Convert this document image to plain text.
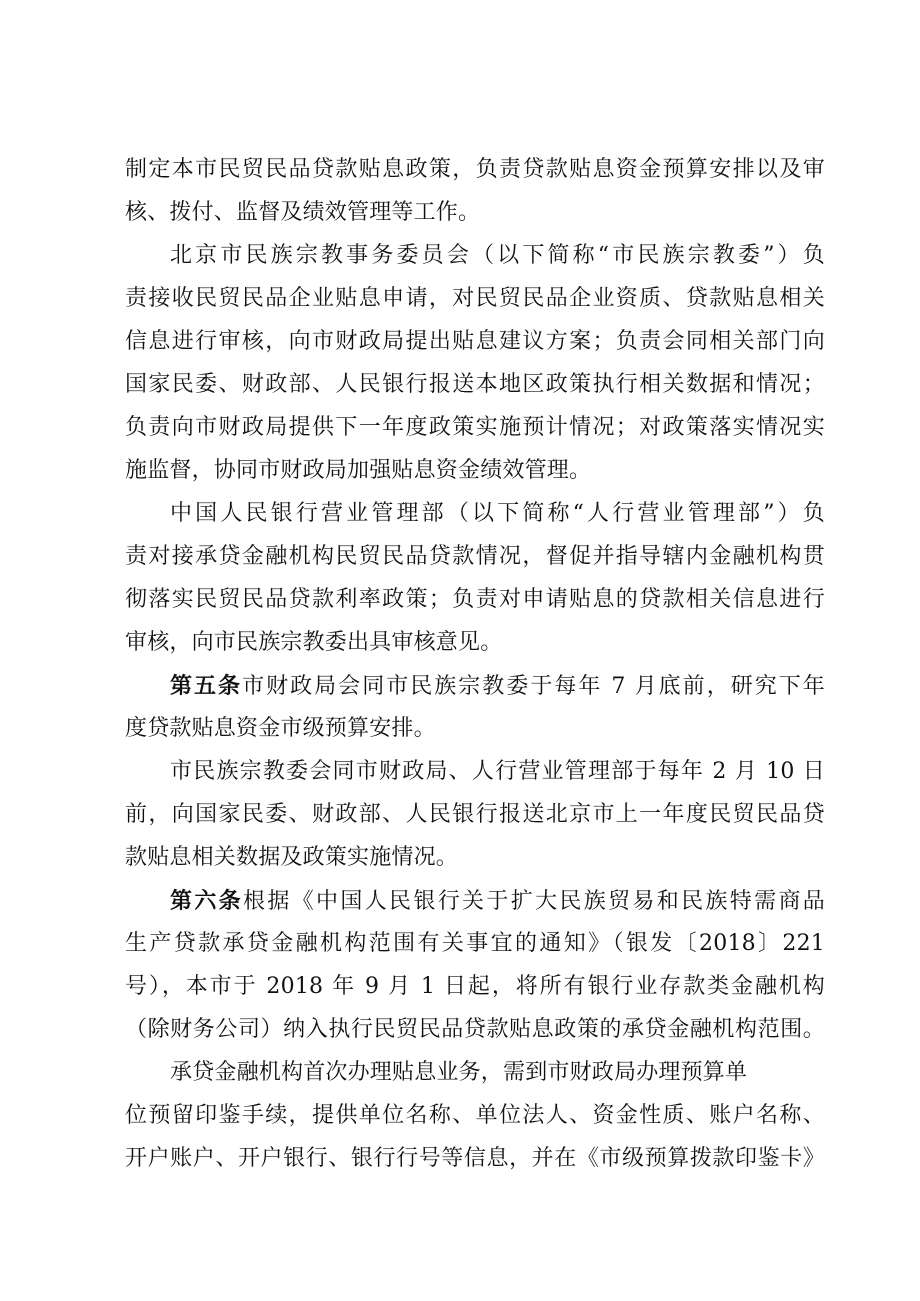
制定本市民贸民品贷款贴息政策，负责贷款贴息资金预算安排以及审
核、拨付、监督及绩效管理等工作。
北京市民族宗教事务委员会（以下简称“市民族宗教委”）负
责接收民贸民品企业贴息申请，对民贸民品企业资质、贷款贴息相关
信息进行审核，向市财政局提出贴息建议方案；负责会同相关部门向
国家民委、财政部、人民银行报送本地区政策执行相关数据和情况；
负责向市财政局提供下一年度政策实施预计情况；对政策落实情况实
施监督，协同市财政局加强贴息资金绩效管理。
中国人民银行营业管理部（以下简称“人行营业管理部”）负
责对接承贷金融机构民贸民品贷款情况，督促并指导辖内金融机构贯
彻落实民贸民品贷款利率政策；负责对申请贴息的贷款相关信息进行
审核，向市民族宗教委出具审核意见。
第五条市财政局会同市民族宗教委于每年 7 月底前，研究下年
度贷款贴息资金市级预算安排。
市民族宗教委会同市财政局、人行营业管理部于每年 2 月 10 日
前，向国家民委、财政部、人民银行报送北京市上一年度民贸民品贷
款贴息相关数据及政策实施情况。
第六条根据《中国人民银行关于扩大民族贸易和民族特需商品
生产贷款承贷金融机构范围有关事宜的通知》（银发〔2018〕221
号），本市于 2018 年 9 月 1 日起，将所有银行业存款类金融机构
（除财务公司）纳入执行民贸民品贷款贴息政策的承贷金融机构范围。
承贷金融机构首次办理贴息业务，需到市财政局办理预算单
位预留印鉴手续，提供单位名称、单位法人、资金性质、账户名称、
开户账户、开户银行、银行行号等信息，并在《市级预算拨款印鉴卡》
